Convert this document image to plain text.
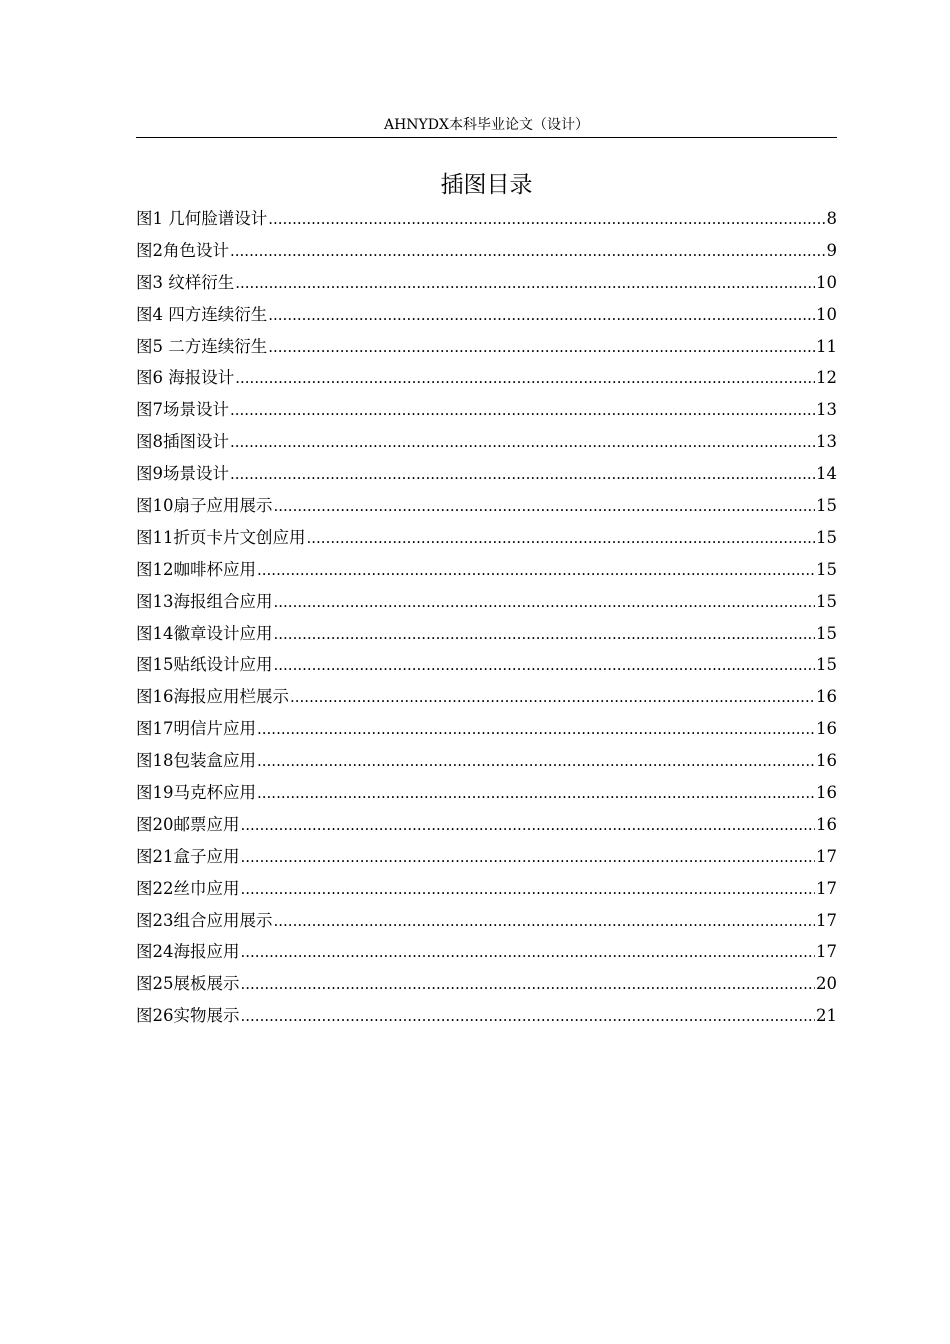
AHNYDX本科毕业论文（设计）
插图目录
图1 几何脸谱设计 .....	8
图2角色设计 .....	9
图3 纹样衍生 .....	10
图4 四方连续衍生 .....	10
图5 二方连续衍生 .....	11
图6 海报设计 .....	12
图7场景设计 .....	13
图8插图设计 .....	13
图9场景设计 .....	14
图10扇子应用展示 .....	15
图11折页卡片文创应用 .....	15
图12咖啡杯应用 .....	15
图13海报组合应用 .....	15
图14徽章设计应用 .....	15
图15贴纸设计应用 .....	15
图16海报应用栏展示 .....	16
图17明信片应用 .....	16
图18包装盒应用 .....	16
图19马克杯应用 .....	16
图20邮票应用 .....	16
图21盒子应用 .....	17
图22丝巾应用 .....	17
图23组合应用展示 .....	17
图24海报应用 .....	17
图25展板展示 .....	20
图26实物展示 .....	21
